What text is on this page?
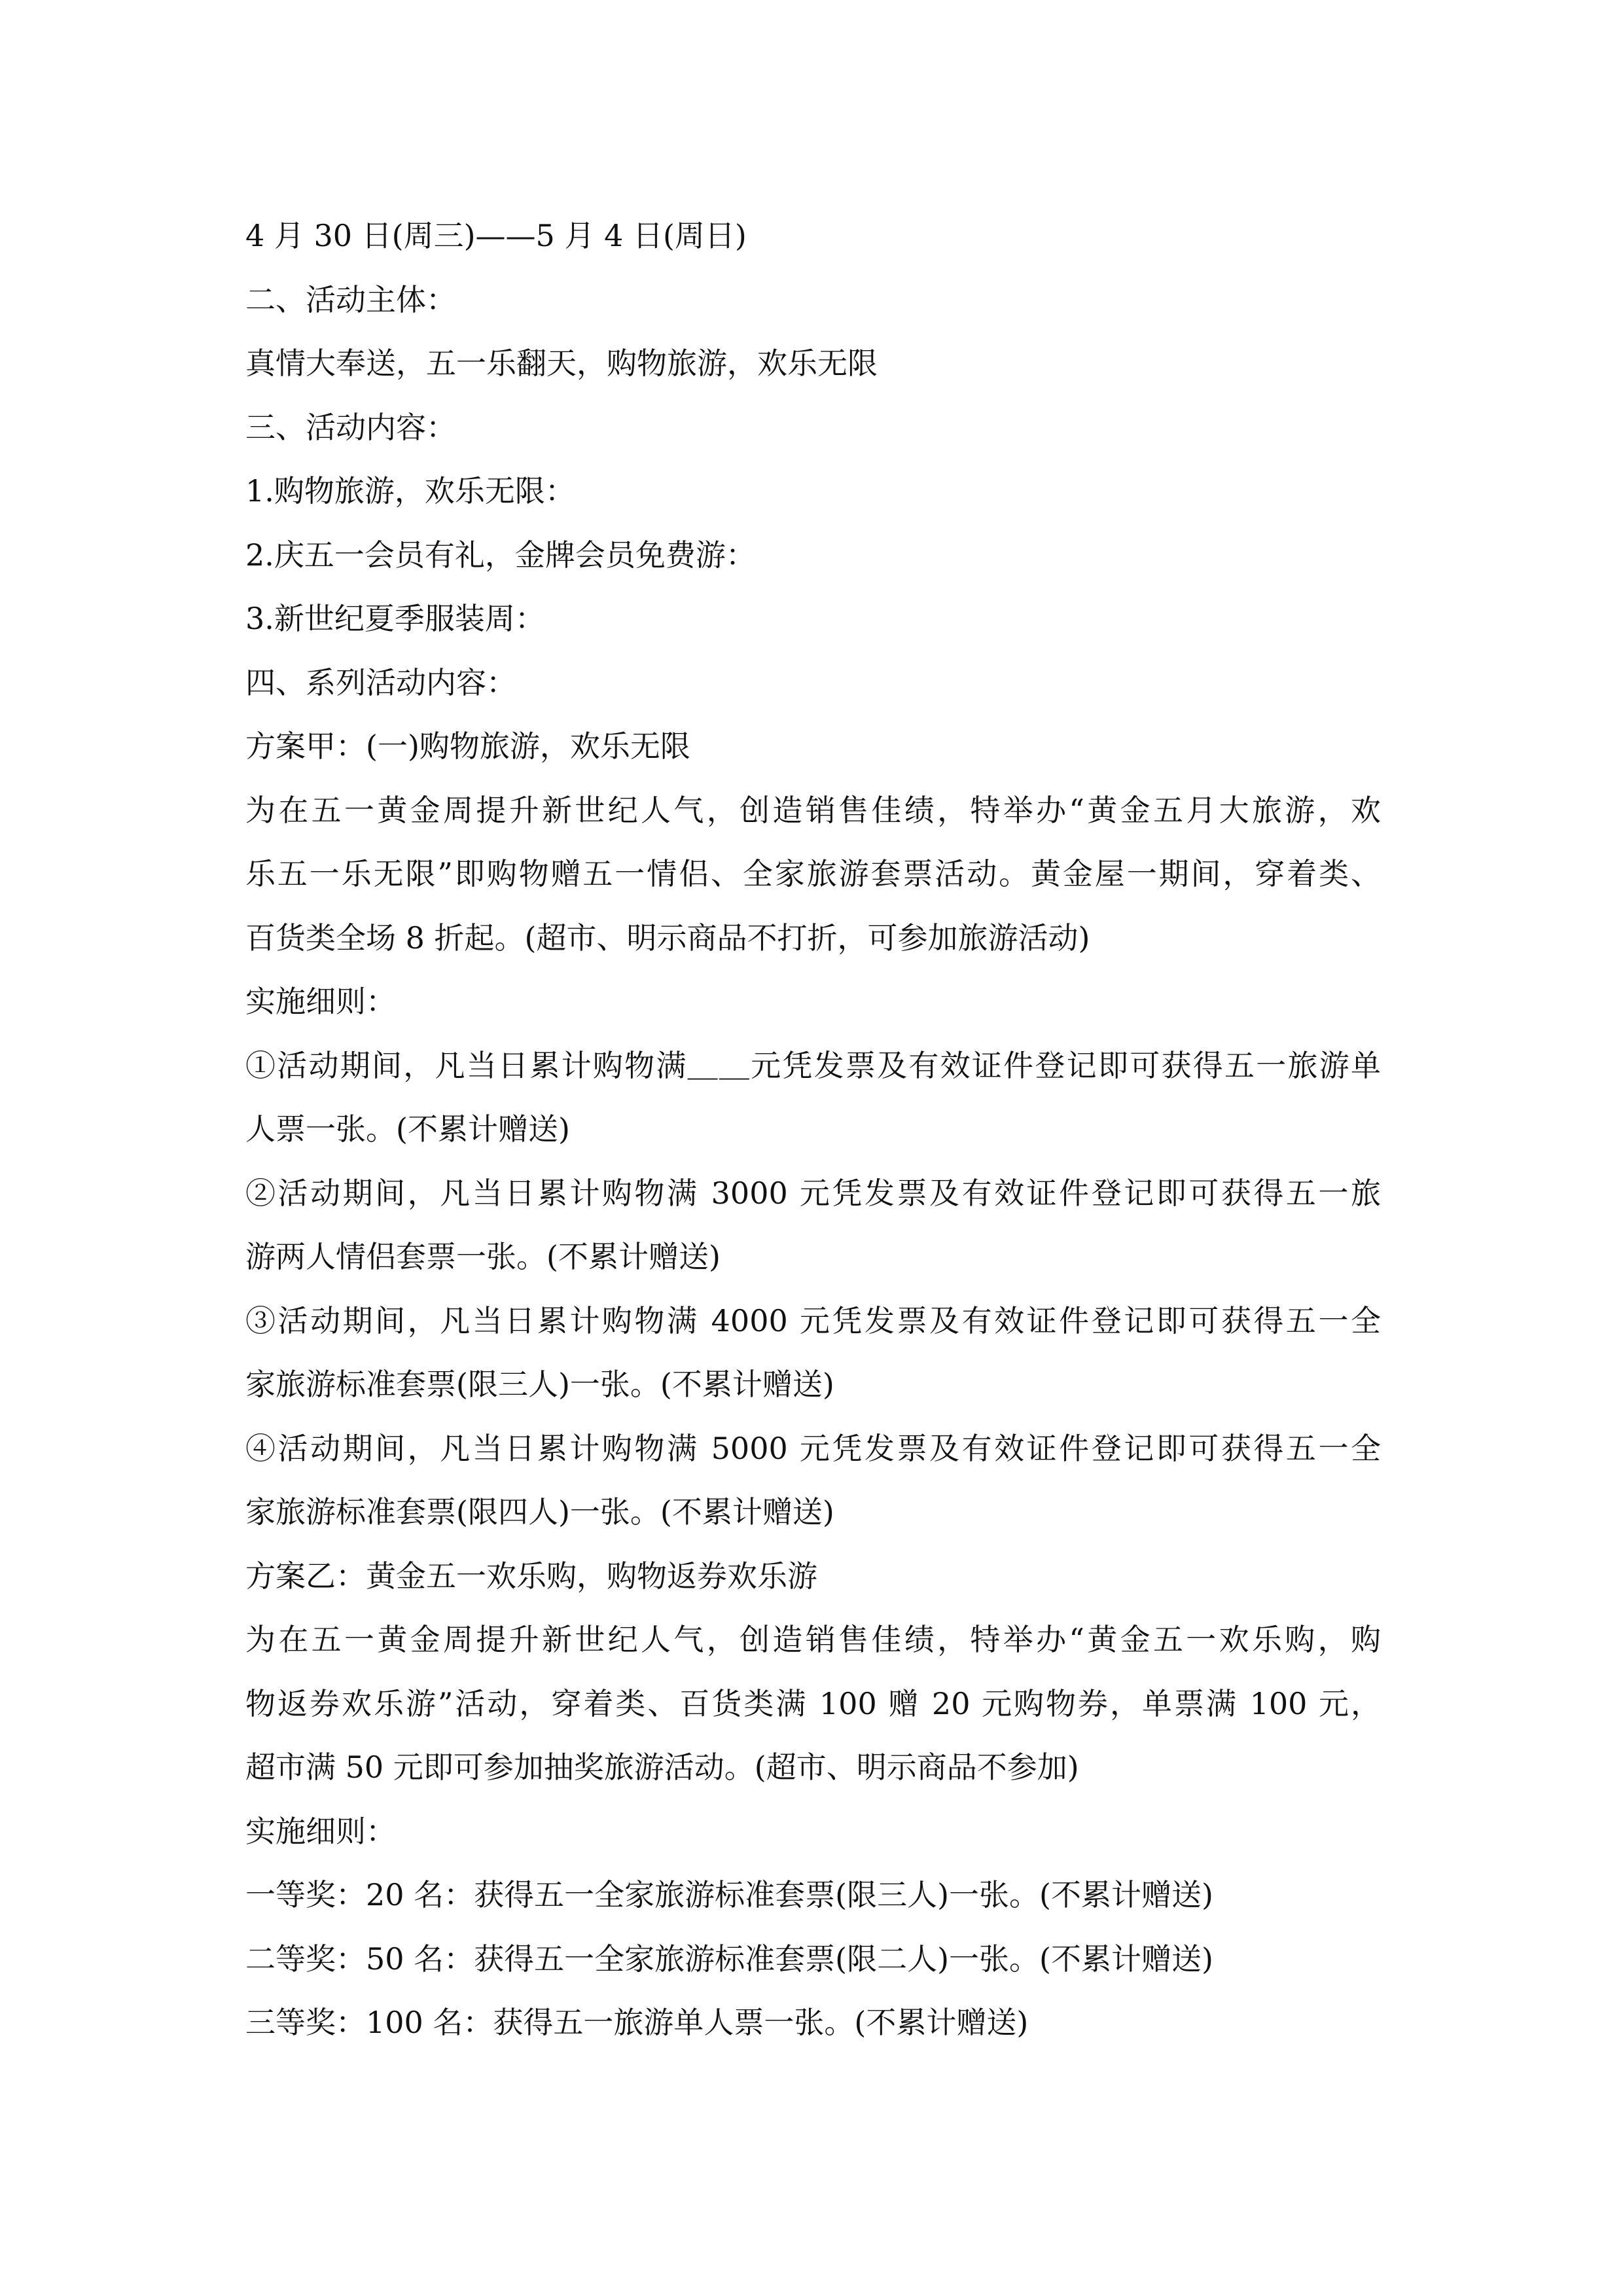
4 月 30 日(周三)——5 月 4 日(周日)
二、活动主体：
真情大奉送，五一乐翻天，购物旅游，欢乐无限
三、活动内容：
1.购物旅游，欢乐无限：
2.庆五一会员有礼，金牌会员免费游：
3.新世纪夏季服装周：
四、系列活动内容：
方案甲：(一)购物旅游，欢乐无限
为在五一黄金周提升新世纪人气，创造销售佳绩，特举办“黄金五月大旅游，欢
乐五一乐无限”即购物赠五一情侣、全家旅游套票活动。黄金屋一期间，穿着类、
百货类全场 8 折起。(超市、明示商品不打折，可参加旅游活动)
实施细则：
①活动期间，凡当日累计购物满＿＿元凭发票及有效证件登记即可获得五一旅游单
人票一张。(不累计赠送)
②活动期间，凡当日累计购物满 3000 元凭发票及有效证件登记即可获得五一旅
游两人情侣套票一张。(不累计赠送)
③活动期间，凡当日累计购物满 4000 元凭发票及有效证件登记即可获得五一全
家旅游标准套票(限三人)一张。(不累计赠送)
④活动期间，凡当日累计购物满 5000 元凭发票及有效证件登记即可获得五一全
家旅游标准套票(限四人)一张。(不累计赠送)
方案乙：黄金五一欢乐购，购物返券欢乐游
为在五一黄金周提升新世纪人气，创造销售佳绩，特举办“黄金五一欢乐购，购
物返券欢乐游”活动，穿着类、百货类满 100 赠 20 元购物券，单票满 100 元，
超市满 50 元即可参加抽奖旅游活动。(超市、明示商品不参加)
实施细则：
一等奖：20 名：获得五一全家旅游标准套票(限三人)一张。(不累计赠送)
二等奖：50 名：获得五一全家旅游标准套票(限二人)一张。(不累计赠送)
三等奖：100 名：获得五一旅游单人票一张。(不累计赠送)
